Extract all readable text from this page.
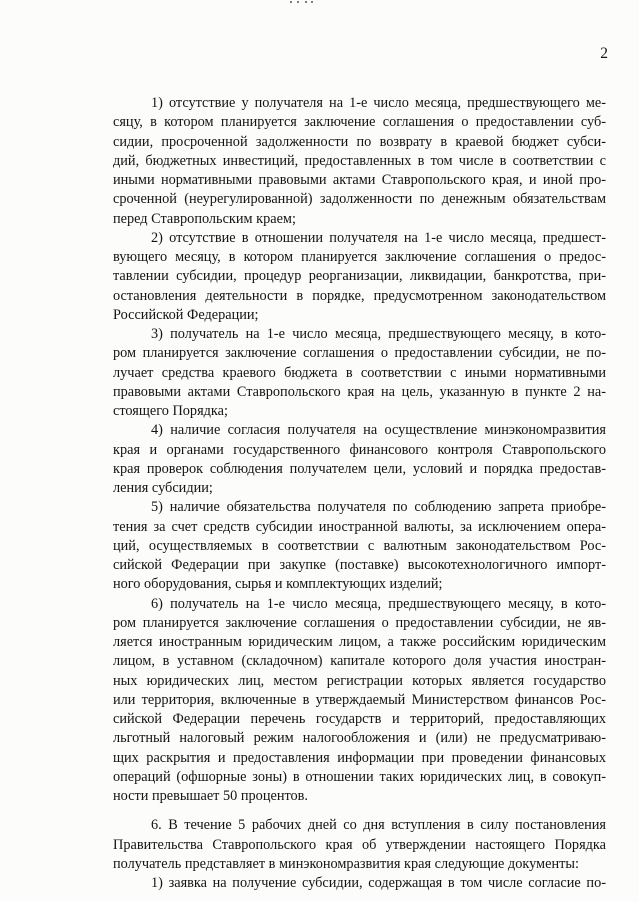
2
1) отсутствие у получателя на 1-е число месяца, предшествующего ме-
сяцу, в котором планируется заключение соглашения о предоставлении суб-
сидии, просроченной задолженности по возврату в краевой бюджет субси-
дий, бюджетных инвестиций, предоставленных в том числе в соответствии с
иными нормативными правовыми актами Ставропольского края, и иной про-
сроченной (неурегулированной) задолженности по денежным обязательствам
перед Ставропольским краем;
2) отсутствие в отношении получателя на 1-е число месяца, предшест-
вующего месяцу, в котором планируется заключение соглашения о предос-
тавлении субсидии, процедур реорганизации, ликвидации, банкротства, при-
остановления деятельности в порядке, предусмотренном законодательством
Российской Федерации;
3) получатель на 1-е число месяца, предшествующего месяцу, в кото-
ром планируется заключение соглашения о предоставлении субсидии, не по-
лучает средства краевого бюджета в соответствии с иными нормативными
правовыми актами Ставропольского края на цель, указанную в пункте 2 на-
стоящего Порядка;
4) наличие согласия получателя на осуществление минэкономразвития
края и органами государственного финансового контроля Ставропольского
края проверок соблюдения получателем цели, условий и порядка предостав-
ления субсидии;
5) наличие обязательства получателя по соблюдению запрета приобре-
тения за счет средств субсидии иностранной валюты, за исключением опера-
ций, осуществляемых в соответствии с валютным законодательством Рос-
сийской Федерации при закупке (поставке) высокотехнологичного импорт-
ного оборудования, сырья и комплектующих изделий;
6) получатель на 1-е число месяца, предшествующего месяцу, в кото-
ром планируется заключение соглашения о предоставлении субсидии, не яв-
ляется иностранным юридическим лицом, а также российским юридическим
лицом, в уставном (складочном) капитале которого доля участия иностран-
ных юридических лиц, местом регистрации которых является государство
или территория, включенные в утверждаемый Министерством финансов Рос-
сийской Федерации перечень государств и территорий, предоставляющих
льготный налоговый режим налогообложения и (или) не предусматриваю-
щих раскрытия и предоставления информации при проведении финансовых
операций (офшорные зоны) в отношении таких юридических лиц, в совокуп-
ности превышает 50 процентов.
6. В течение 5 рабочих дней со дня вступления в силу постановления
Правительства Ставропольского края об утверждении настоящего Порядка
получатель представляет в минэкономразвития края следующие документы:
1) заявка на получение субсидии, содержащая в том числе согласие по-
